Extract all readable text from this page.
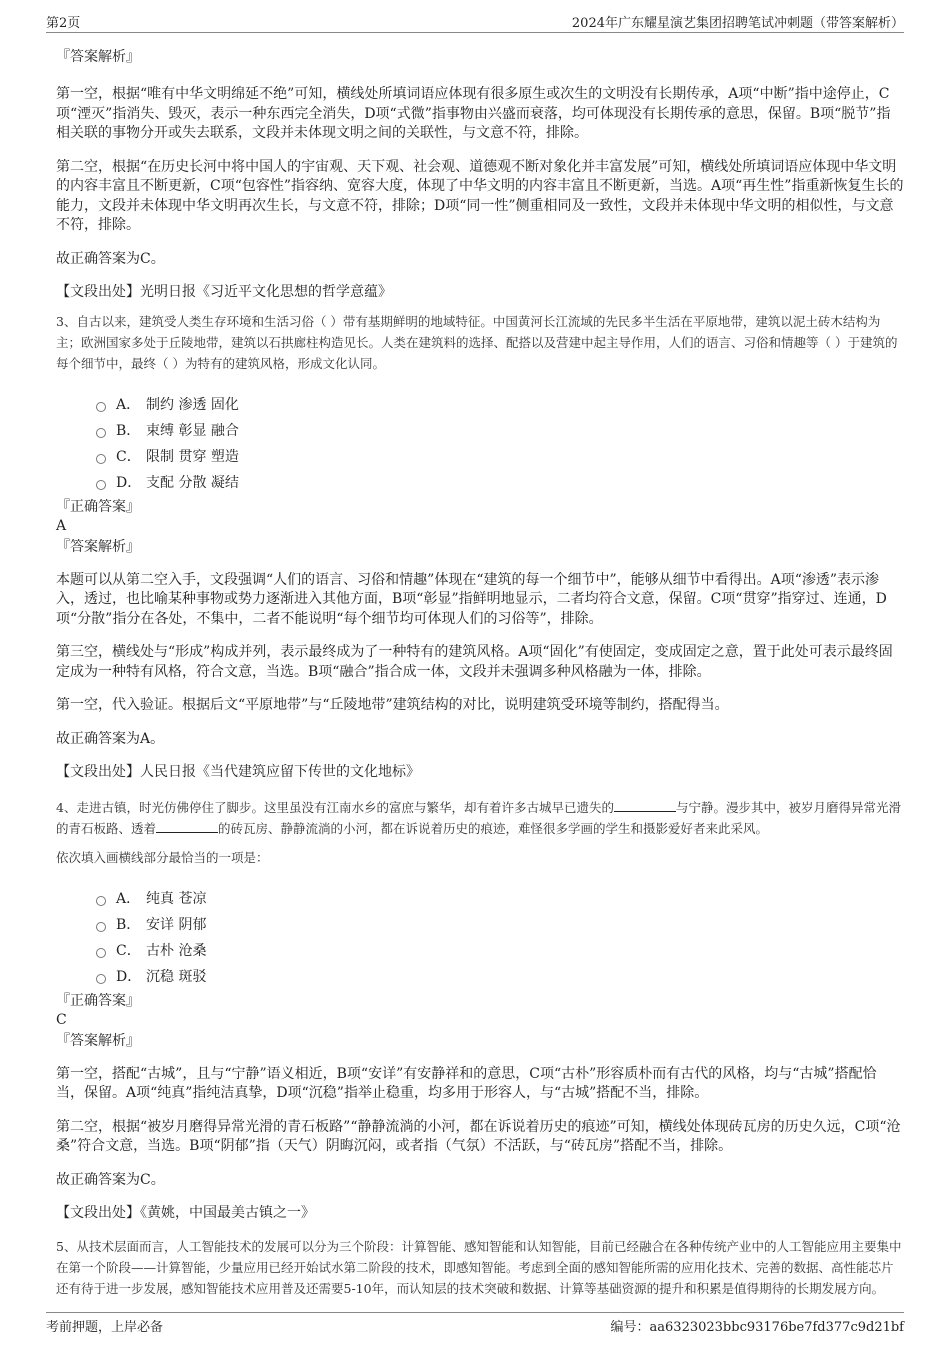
第2页	2024年广东耀星演艺集团招聘笔试冲刺题（带答案解析）

『答案解析』

第一空，根据“唯有中华文明绵延不绝”可知，横线处所填词语应体现有很多原生或次生的文明没有长期传承，A项“中断”指中途停止，C项“湮灭”指消失、毁灭，表示一种东西完全消失，D项“式微”指事物由兴盛而衰落，均可体现没有长期传承的意思，保留。B项“脱节”指相关联的事物分开或失去联系，文段并未体现文明之间的关联性，与文意不符，排除。

第二空，根据“在历史长河中将中国人的宇宙观、天下观、社会观、道德观不断对象化并丰富发展”可知，横线处所填词语应体现中华文明的内容丰富且不断更新，C项“包容性”指容纳、宽容大度，体现了中华文明的内容丰富且不断更新，当选。A项“再生性”指重新恢复生长的能力，文段并未体现中华文明再次生长，与文意不符，排除；D项“同一性”侧重相同及一致性，文段并未体现中华文明的相似性，与文意不符，排除。

故正确答案为C。

【文段出处】光明日报《习近平文化思想的哲学意蕴》

3、自古以来，建筑受人类生存环境和生活习俗（ ）带有基期鲜明的地域特征。中国黄河长江流域的先民多半生活在平原地带，建筑以泥土砖木结构为主；欧洲国家多处于丘陵地带，建筑以石拱廊柱构造见长。人类在建筑料的选择、配搭以及营建中起主导作用，人们的语言、习俗和情趣等（ ）于建筑的每个细节中，最终（ ）为特有的建筑风格，形成文化认同。

A． 制约 渗透 固化
B． 束缚 彰显 融合
C． 限制 贯穿 塑造
D． 支配 分散 凝结

『正确答案』

A

『答案解析』

本题可以从第二空入手，文段强调“人们的语言、习俗和情趣”体现在“建筑的每一个细节中”，能够从细节中看得出。A项“渗透”表示渗入，透过，也比喻某种事物或势力逐渐进入其他方面，B项“彰显”指鲜明地显示，二者均符合文意，保留。C项“贯穿”指穿过、连通，D项“分散”指分在各处，不集中，二者不能说明“每个细节均可体现人们的习俗等”，排除。

第三空，横线处与“形成”构成并列，表示最终成为了一种特有的建筑风格。A项“固化”有使固定，变成固定之意，置于此处可表示最终固定成为一种特有风格，符合文意，当选。B项“融合”指合成一体，文段并未强调多种风格融为一体，排除。

第一空，代入验证。根据后文“平原地带”与“丘陵地带”建筑结构的对比，说明建筑受环境等制约，搭配得当。

故正确答案为A。

【文段出处】人民日报《当代建筑应留下传世的文化地标》

4、走进古镇，时光仿佛停住了脚步。这里虽没有江南水乡的富庶与繁华，却有着许多古城早已遗失的	与宁静。漫步其中，被岁月磨得异常光滑的青石板路、透着	的砖瓦房、静静流淌的小河，都在诉说着历史的痕迹，难怪很多学画的学生和摄影爱好者来此采风。

依次填入画横线部分最恰当的一项是：

A． 纯真 苍凉
B． 安详 阴郁
C． 古朴 沧桑
D． 沉稳 斑驳

『正确答案』

C

『答案解析』

第一空，搭配“古城”，且与“宁静”语义相近，B项“安详”有安静祥和的意思，C项“古朴”形容质朴而有古代的风格，均与“古城”搭配恰当，保留。A项“纯真”指纯洁真挚，D项“沉稳”指举止稳重，均多用于形容人，与“古城”搭配不当，排除。

第二空，根据“被岁月磨得异常光滑的青石板路”“静静流淌的小河，都在诉说着历史的痕迹”可知，横线处体现砖瓦房的历史久远，C项“沧桑”符合文意，当选。B项“阴郁”指（天气）阴晦沉闷，或者指（气氛）不活跃，与“砖瓦房”搭配不当，排除。

故正确答案为C。

【文段出处】《黄姚，中国最美古镇之一》

5、从技术层面而言，人工智能技术的发展可以分为三个阶段：计算智能、感知智能和认知智能，目前已经融合在各种传统产业中的人工智能应用主要集中在第一个阶段——计算智能，少量应用已经开始试水第二阶段的技术，即感知智能。考虑到全面的感知智能所需的应用化技术、完善的数据、高性能芯片还有待于进一步发展，感知智能技术应用普及还需要5-10年，而认知层的技术突破和数据、计算等基础资源的提升和积累是值得期待的长期发展方向。

考前押题，上岸必备	编号：aa6323023bbc93176be7fd377c9d21bf
